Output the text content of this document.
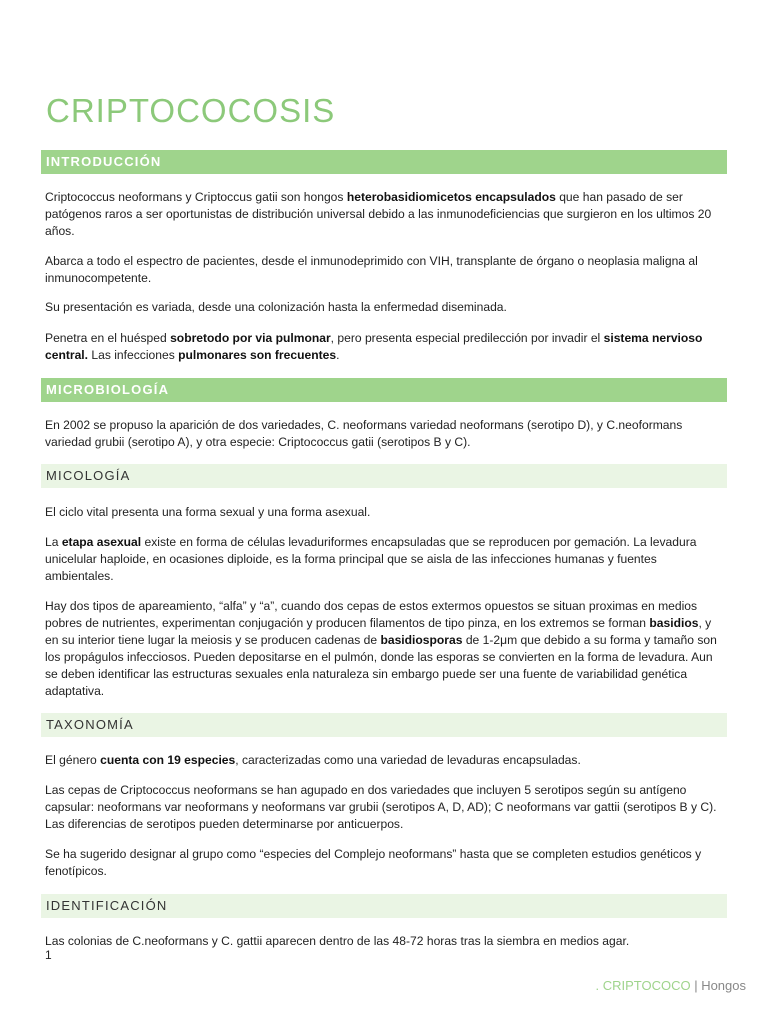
CRIPTOCOCOSIS
INTRODUCCIÓN

Criptococcus neoformans y Criptoccus gatii son hongos heterobasidiomicetos encapsulados que han pasado de ser patógenos raros a ser oportunistas de distribución universal debido a las inmunodeficiencias que surgieron en los ultimos 20 años.

Abarca a todo el espectro de pacientes, desde el inmunodeprimido con VIH, transplante de órgano o neoplasia maligna al inmunocompetente.

Su presentación es variada, desde una colonización hasta la enfermedad diseminada.

Penetra en el huésped sobretodo por via pulmonar, pero presenta especial predilección por invadir el sistema nervioso central. Las infecciones pulmonares son frecuentes.

MICROBIOLOGÍA

En 2002 se propuso la aparición de dos variedades, C. neoformans variedad neoformans (serotipo D), y C.neoformans variedad grubii (serotipo A), y otra especie: Criptococcus gatii (serotipos B y C).

MICOLOGÍA

El ciclo vital presenta una forma sexual y una forma asexual.

La etapa asexual existe en forma de células levaduriformes encapsuladas que se reproducen por gemación. La levadura unicelular haploide, en ocasiones diploide, es la forma principal que se aisla de las infecciones humanas y fuentes ambientales.

Hay dos tipos de apareamiento, “alfa” y “a”, cuando dos cepas de estos extermos opuestos se situan proximas en medios pobres de nutrientes, experimentan conjugación y producen filamentos de tipo pinza, en los extremos se forman basidios, y en su interior tiene lugar la meiosis y se producen cadenas de basidiosporas de 1-2μm que debido a su forma y tamaño son los propágulos infecciosos. Pueden depositarse en el pulmón, donde las esporas se convierten en la forma de levadura. Aun se deben identificar las estructuras sexuales enla naturaleza sin embargo puede ser una fuente de variabilidad genética adaptativa.

TAXONOMÍA

El género cuenta con 19 especies, caracterizadas como una variedad de levaduras encapsuladas.

Las cepas de Criptococcus neoformans se han agupado en dos variedades que incluyen 5 serotipos según su antígeno capsular: neoformans var neoformans y neoformans var grubii (serotipos A, D, AD); C neoformans var gattii (serotipos B y C). Las diferencias de serotipos pueden determinarse por anticuerpos.

Se ha sugerido designar al grupo como “especies del Complejo neoformans” hasta que se completen estudios genéticos y fenotípicos.

IDENTIFICACIÓN

Las colonias de C.neoformans y C. gattii aparecen dentro de las 48-72 horas tras la siembra en medios agar.

1
. CRIPTOCOCO | Hongos
